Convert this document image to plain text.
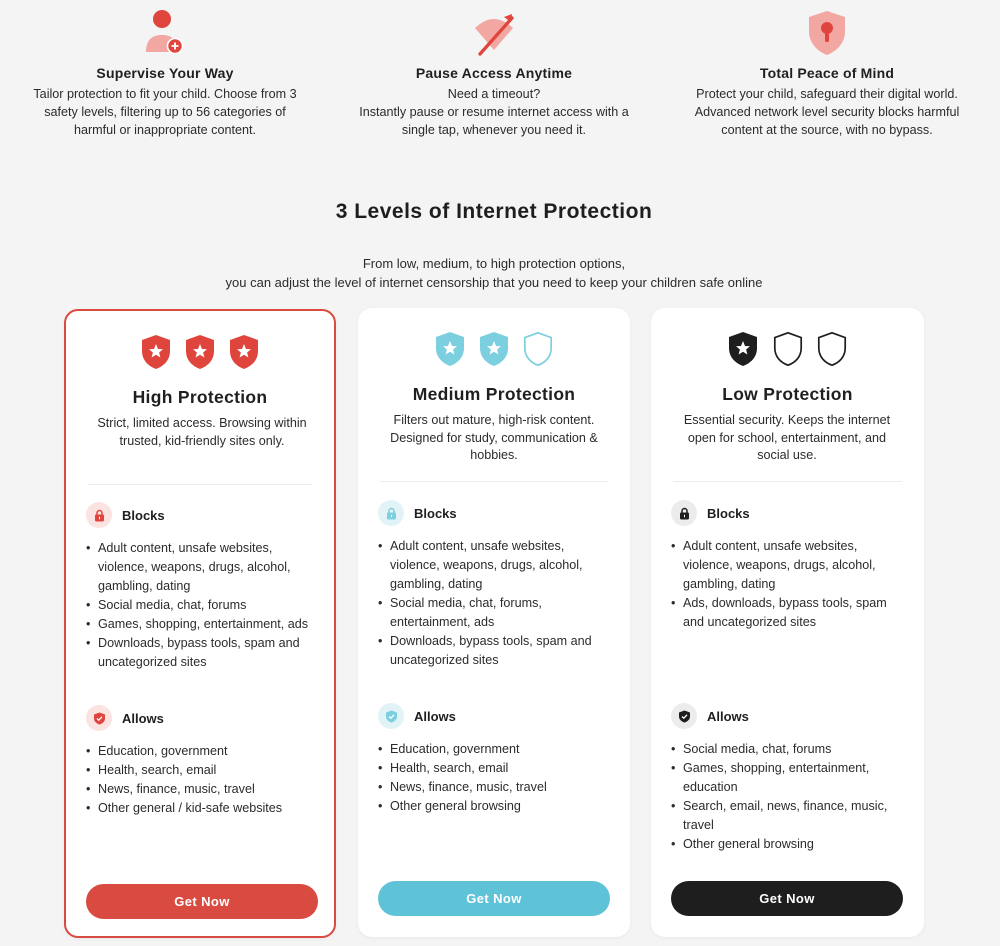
Supervise Your Way

Tailor protection to fit your child. Choose from 3
safety levels, filtering up to 56 categories of
harmful or inappropriate content.

Pause Access Anytime

Need a timeout?
Instantly pause or resume internet access with a
single tap, whenever you need it.

Total Peace of Mind

Protect your child, safeguard their digital world.
Advanced network level security blocks harmful
content at the source, with no bypass.

3 Levels of Internet Protection

From low, medium, to high protection options,
you can adjust the level of internet censorship that you need to keep your children safe online

High Protection

Strict, limited access. Browsing within
trusted, kid-friendly sites only.

Blocks
• Adult content, unsafe websites, violence, weapons, drugs, alcohol, gambling, dating
• Social media, chat, forums
• Games, shopping, entertainment, ads
• Downloads, bypass tools, spam and uncategorized sites
Allows
• Education, government
• Health, search, email
• News, finance, music, travel
• Other general / kid-safe websites
Get Now

Medium Protection

Filters out mature, high-risk content.
Designed for study, communication &
hobbies.

Blocks
• Adult content, unsafe websites, violence, weapons, drugs, alcohol, gambling, dating
• Social media, chat, forums, entertainment, ads
• Downloads, bypass tools, spam and uncategorized sites
Allows
• Education, government
• Health, search, email
• News, finance, music, travel
• Other general browsing
Get Now

Low Protection

Essential security. Keeps the internet
open for school, entertainment, and
social use.

Blocks
• Adult content, unsafe websites, violence, weapons, drugs, alcohol, gambling, dating
• Ads, downloads, bypass tools, spam and uncategorized sites
Allows
• Social media, chat, forums
• Games, shopping, entertainment, education
• Search, email, news, finance, music, travel
• Other general browsing
Get Now
